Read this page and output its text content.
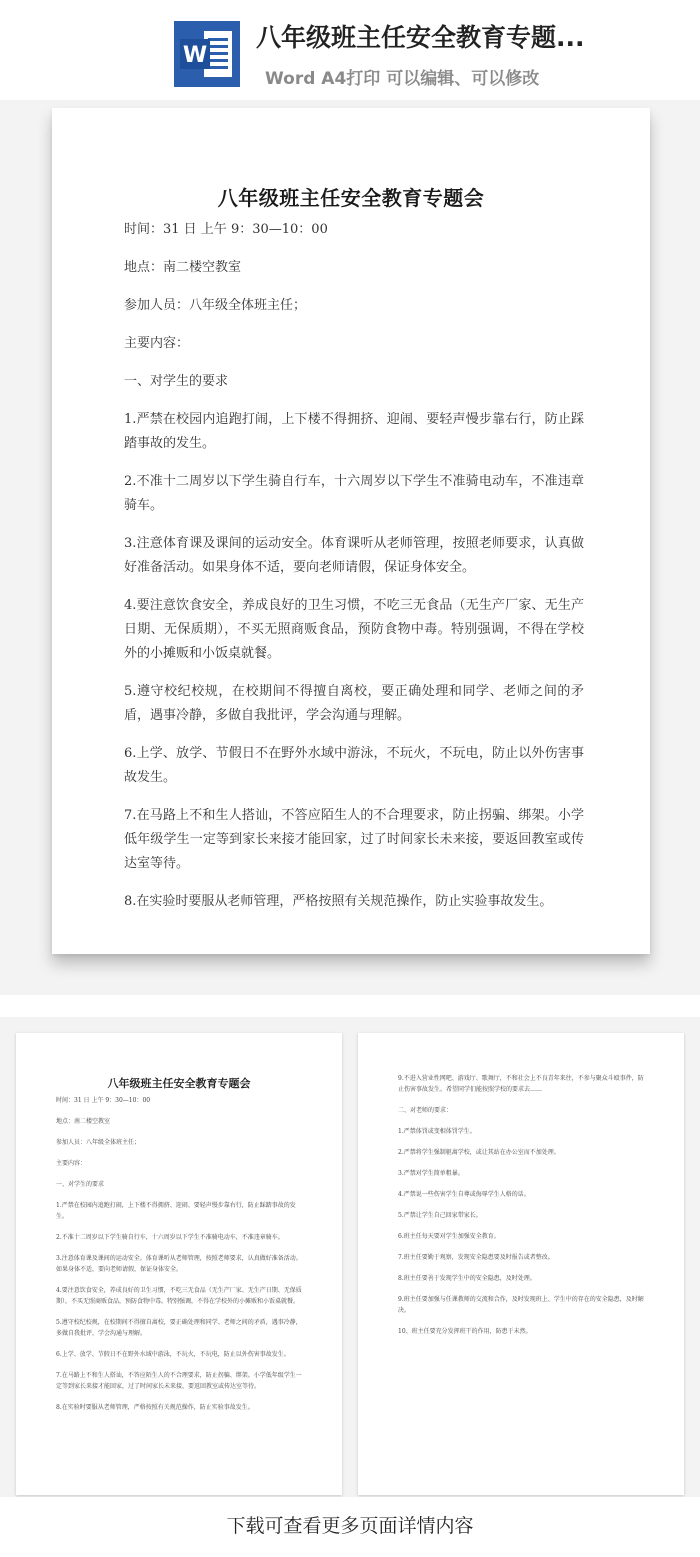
W
八年级班主任安全教育专题...
Word A4打印 可以编辑、可以修改
八年级班主任安全教育专题会

时间：31 日 上午 9：30—10：00

地点：南二楼空教室

参加人员：八年级全体班主任；

主要内容：

一、对学生的要求

1.严禁在校园内追跑打闹，上下楼不得拥挤、迎闹、要轻声慢步靠右行，防止踩踏事故的发生。

2.不准十二周岁以下学生骑自行车，十六周岁以下学生不准骑电动车，不准违章骑车。

3.注意体育课及课间的运动安全。体育课听从老师管理，按照老师要求，认真做好准备活动。如果身体不适，要向老师请假，保证身体安全。

4.要注意饮食安全，养成良好的卫生习惯，不吃三无食品（无生产厂家、无生产日期、无保质期），不买无照商贩食品，预防食物中毒。特别强调，不得在学校外的小摊贩和小饭桌就餐。

5.遵守校纪校规，在校期间不得擅自离校，要正确处理和同学、老师之间的矛盾，遇事冷静，多做自我批评，学会沟通与理解。

6.上学、放学、节假日不在野外水域中游泳，不玩火，不玩电，防止以外伤害事故发生。

7.在马路上不和生人搭讪，不答应陌生人的不合理要求，防止拐骗、绑架。小学低年级学生一定等到家长来接才能回家，过了时间家长未来接，要返回教室或传达室等待。

8.在实验时要服从老师管理，严格按照有关规范操作，防止实验事故发生。

八年级班主任安全教育专题会

时间：31 日 上午 9：30—10：00

地点：南二楼空教室

参加人员：八年级全体班主任；

主要内容：

一、对学生的要求

1.严禁在校园内追跑打闹，上下楼不得拥挤、迎闹、要轻声慢步靠右行，防止踩踏事故的发生。

2.不准十二周岁以下学生骑自行车，十六周岁以下学生不准骑电动车，不准违章骑车。

3.注意体育课及课间的运动安全。体育课听从老师管理，按照老师要求，认真做好准备活动。如果身体不适，要向老师请假，保证身体安全。

4.要注意饮食安全，养成良好的卫生习惯，不吃三无食品（无生产厂家、无生产日期、无保质期），不买无照商贩食品，预防食物中毒。特别强调，不得在学校外的小摊贩和小饭桌就餐。

5.遵守校纪校规，在校期间不得擅自离校，要正确处理和同学、老师之间的矛盾，遇事冷静，多做自我批评，学会沟通与理解。

6.上学、放学、节假日不在野外水域中游泳，不玩火，不玩电，防止以外伤害事故发生。

7.在马路上不和生人搭讪，不答应陌生人的不合理要求，防止拐骗、绑架。小学低年级学生一定等到家长来接才能回家，过了时间家长未来接，要返回教室或传达室等待。

8.在实验时要服从老师管理，严格按照有关规范操作，防止实验事故发生。

9.不进入营业性网吧、游戏厅、歌舞厅，不和社会上不良青年来往，不参与聚众斗殴事件，防止伤害事故发生。希望同学们能按照学校的要求去……

二、对老师的要求：

1.严禁体罚或变相体罚学生。

2.严禁将学生强制驱离学校，或让其站在办公室而不加处理。

3.严禁对学生简单粗暴。

4.严禁说一些伤害学生自尊或侮辱学生人格的话。

5.严禁让学生自己回家带家长。

6.班主任每天要对学生加强安全教育。

7.班主任要勤于观察，发现安全隐患要及时报告或者整改。

8.班主任要善于发现学生中的安全隐患，及时处理。

9.班主任要加强与任课教师的交流和合作，及时发现班上、学生中的存在的安全隐患，及时解决。

10、班主任要充分发挥班干的作用，防患于未然。

下载可查看更多页面详情内容
